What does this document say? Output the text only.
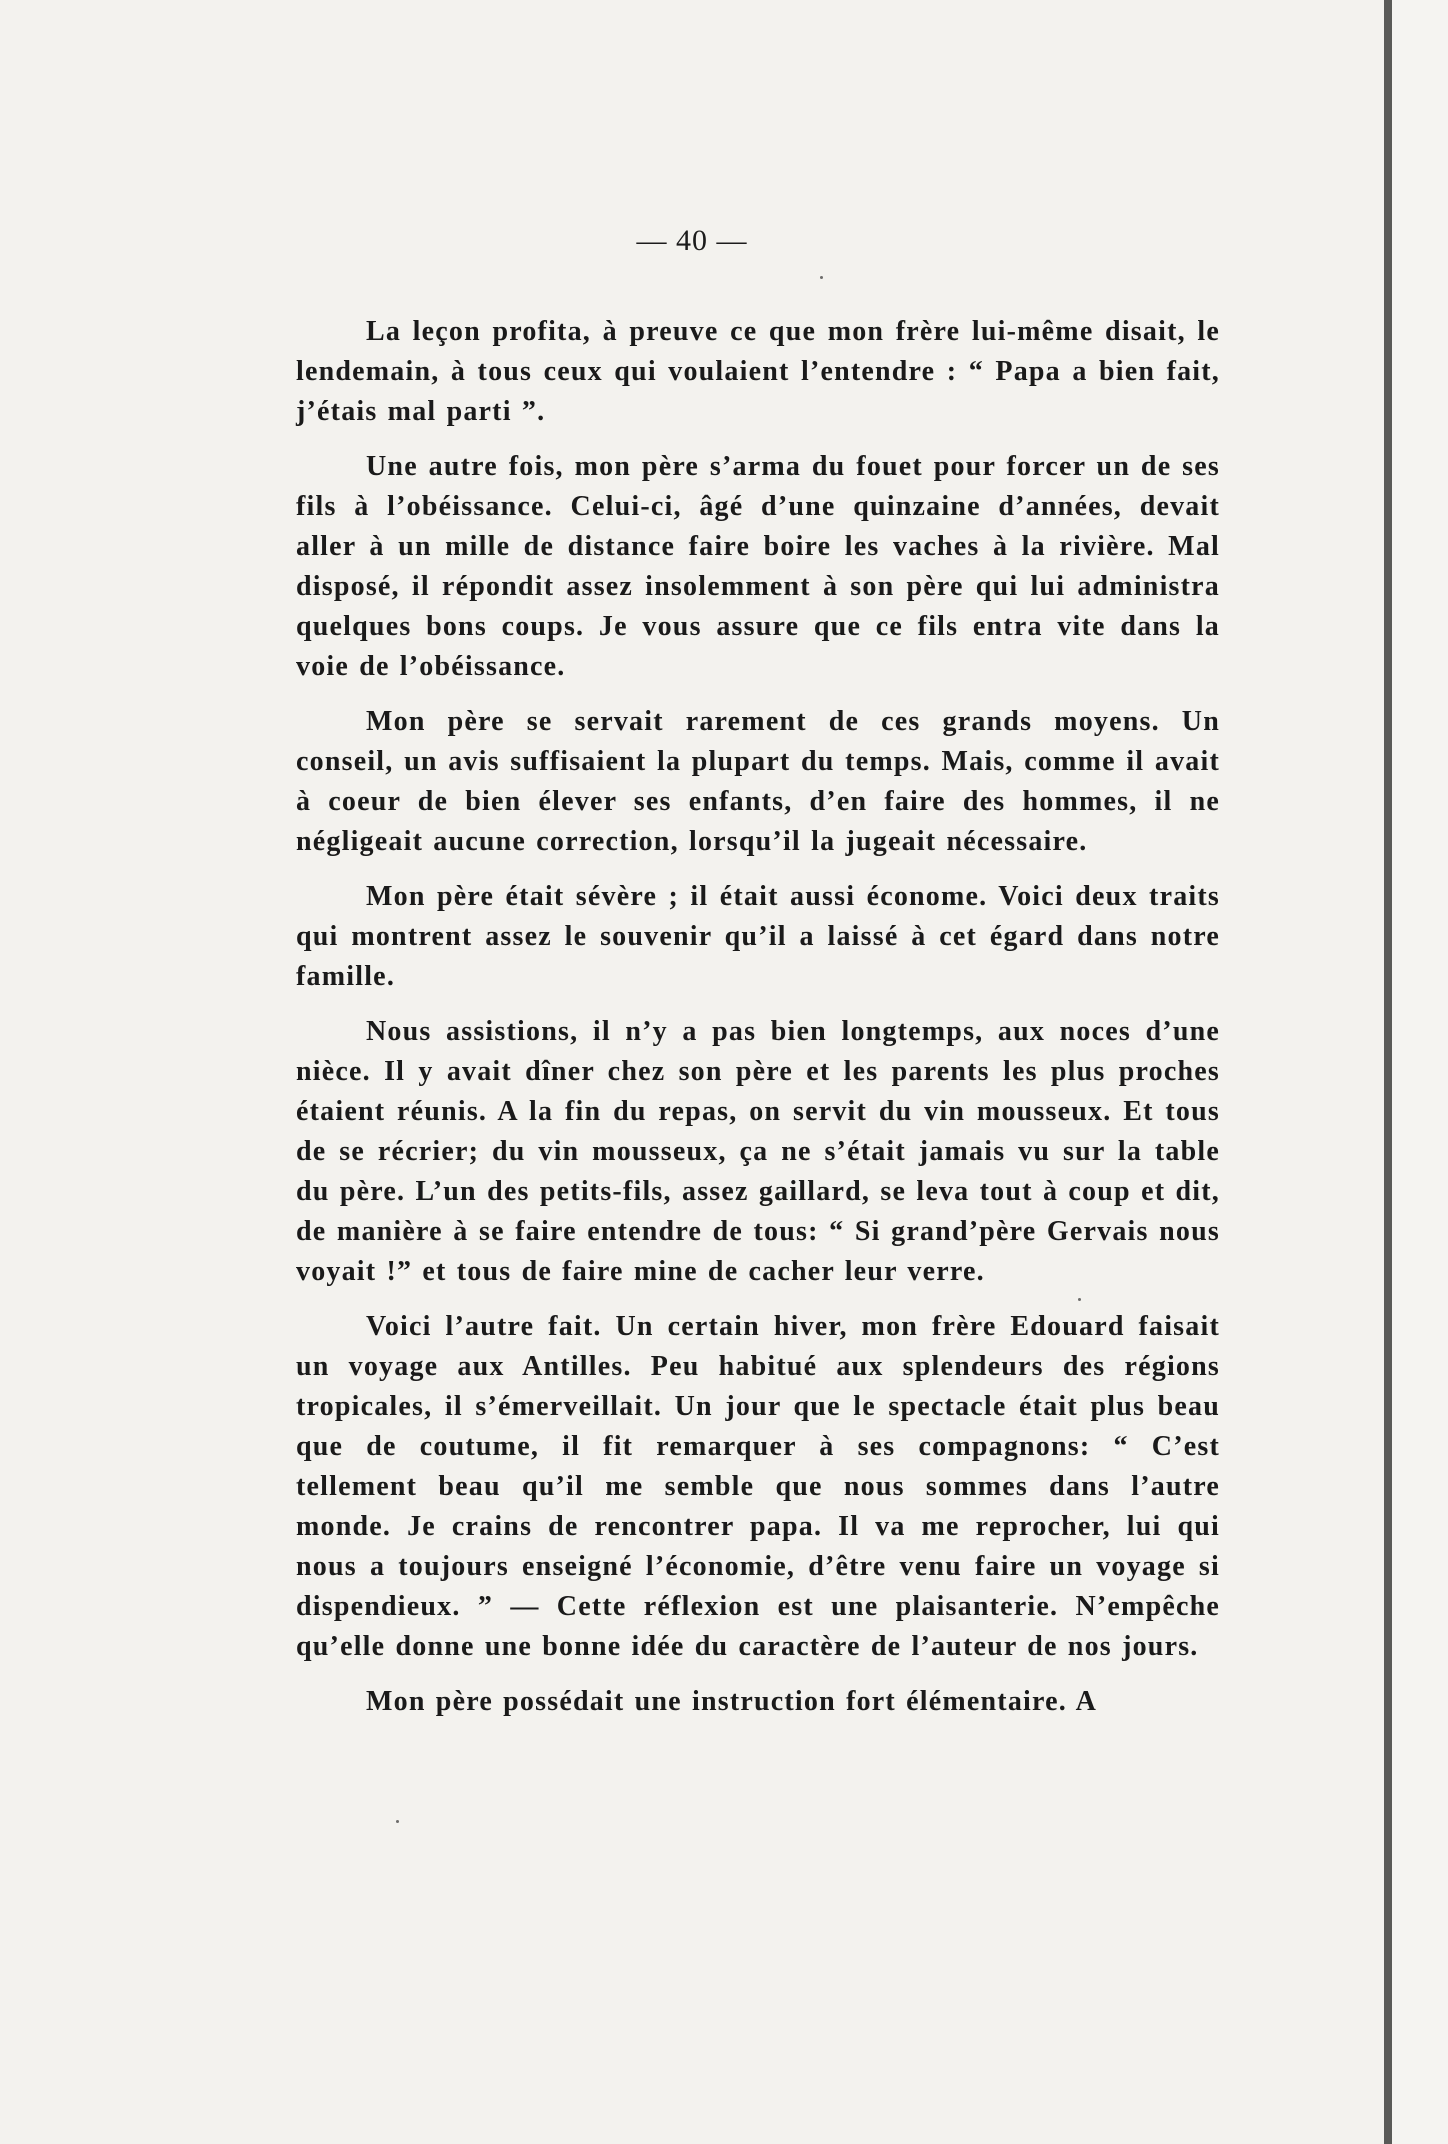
— 40 —

La leçon profita, à preuve ce que mon frère lui-même disait, le lendemain, à tous ceux qui voulaient l’entendre : “ Papa a bien fait, j’étais mal parti ”.

Une autre fois, mon père s’arma du fouet pour forcer un de ses fils à l’obéissance. Celui-ci, âgé d’une quinzaine d’années, devait aller à un mille de distance faire boire les vaches à la rivière. Mal disposé, il répondit assez insolemment à son père qui lui administra quelques bons coups. Je vous assure que ce fils entra vite dans la voie de l’obéissance.

Mon père se servait rarement de ces grands moyens. Un conseil, un avis suffisaient la plupart du temps. Mais, comme il avait à coeur de bien élever ses enfants, d’en faire des hommes, il ne négligeait aucune correction, lorsqu’il la jugeait nécessaire.

Mon père était sévère ; il était aussi économe. Voici deux traits qui montrent assez le souvenir qu’il a laissé à cet égard dans notre famille.

Nous assistions, il n’y a pas bien longtemps, aux noces d’une nièce. Il y avait dîner chez son père et les parents les plus proches étaient réunis. A la fin du repas, on servit du vin mousseux. Et tous de se récrier; du vin mousseux, ça ne s’était jamais vu sur la table du père. L’un des petits-fils, assez gaillard, se leva tout à coup et dit, de manière à se faire entendre de tous: “ Si grand’père Gervais nous voyait !” et tous de faire mine de cacher leur verre.

Voici l’autre fait. Un certain hiver, mon frère Edouard faisait un voyage aux Antilles. Peu habitué aux splendeurs des régions tropicales, il s’émerveillait. Un jour que le spectacle était plus beau que de coutume, il fit remarquer à ses compagnons: “ C’est tellement beau qu’il me semble que nous sommes dans l’autre monde. Je crains de rencontrer papa. Il va me reprocher, lui qui nous a toujours enseigné l’économie, d’être venu faire un voyage si dispendieux. ” — Cette réflexion est une plaisanterie. N’empêche qu’elle donne une bonne idée du caractère de l’auteur de nos jours.

Mon père possédait une instruction fort élémentaire. A
